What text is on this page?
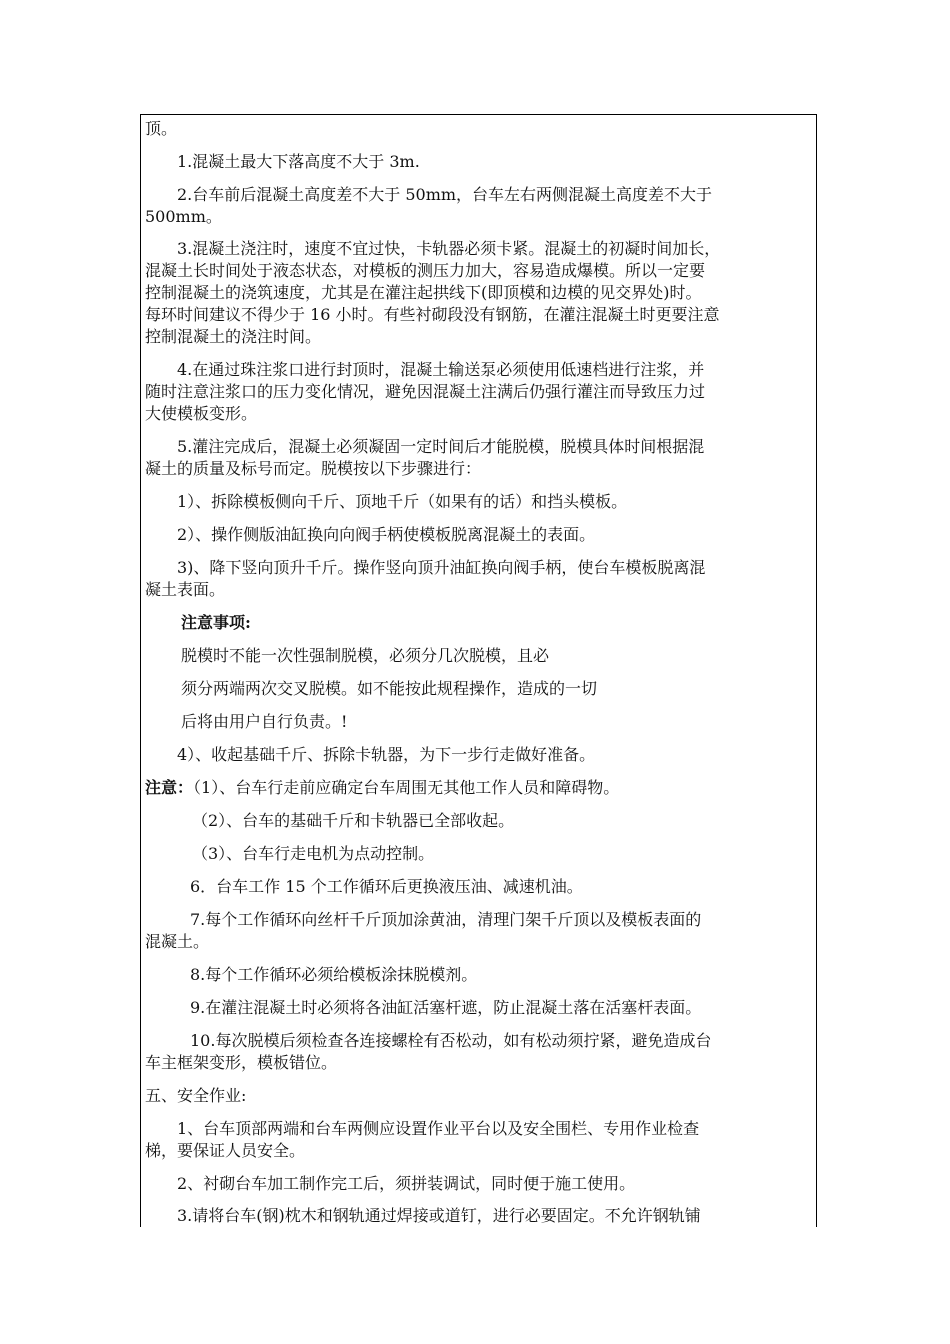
顶。

1.混凝土最大下落高度不大于 3m.

2.台车前后混凝土高度差不大于 50mm，台车左右两侧混凝土高度差不大于

500mm。

3.混凝土浇注时，速度不宜过快，卡轨器必须卡紧。混凝土的初凝时间加长，

混凝土长时间处于液态状态，对模板的测压力加大，容易造成爆模。所以一定要

控制混凝土的浇筑速度，尤其是在灌注起拱线下(即顶模和边模的见交界处)时。

每环时间建议不得少于 16 小时。有些衬砌段没有钢筋，在灌注混凝土时更要注意

控制混凝土的浇注时间。

4.在通过珠注浆口进行封顶时，混凝土输送泵必须使用低速档进行注浆，并

随时注意注浆口的压力变化情况，避免因混凝土注满后仍强行灌注而导致压力过

大使模板变形。

5.灌注完成后，混凝土必须凝固一定时间后才能脱模，脱模具体时间根据混

凝土的质量及标号而定。脱模按以下步骤进行：

1）、拆除模板侧向千斤、顶地千斤（如果有的话）和挡头模板。

2）、操作侧版油缸换向向阀手柄使模板脱离混凝土的表面。

3)、降下竖向顶升千斤。操作竖向顶升油缸换向阀手柄，使台车模板脱离混

凝土表面。

注意事项:

脱模时不能一次性强制脱模，必须分几次脱模，且必

须分两端两次交叉脱模。如不能按此规程操作，造成的一切

后将由用户自行负责。!

4）、收起基础千斤、拆除卡轨器，为下一步行走做好准备。

注意：（1）、台车行走前应确定台车周围无其他工作人员和障碍物。

（2）、台车的基础千斤和卡轨器已全部收起。

（3）、台车行走电机为点动控制。

6．台车工作 15 个工作循环后更换液压油、减速机油。

7.每个工作循环向丝杆千斤顶加涂黄油，清理门架千斤顶以及模板表面的

混凝土。

8.每个工作循环必须给模板涂抹脱模剂。

9.在灌注混凝土时必须将各油缸活塞杆遮，防止混凝土落在活塞杆表面。

10.每次脱模后须检查各连接螺栓有否松动，如有松动须拧紧，避免造成台

车主框架变形，模板错位。

五、安全作业:

1、台车顶部两端和台车两侧应设置作业平台以及安全围栏、专用作业检查

梯，要保证人员安全。

2、衬砌台车加工制作完工后，须拼装调试，同时便于施工使用。

3.请将台车(钢)枕木和钢轨通过焊接或道钉，进行必要固定。不允许钢轨铺
